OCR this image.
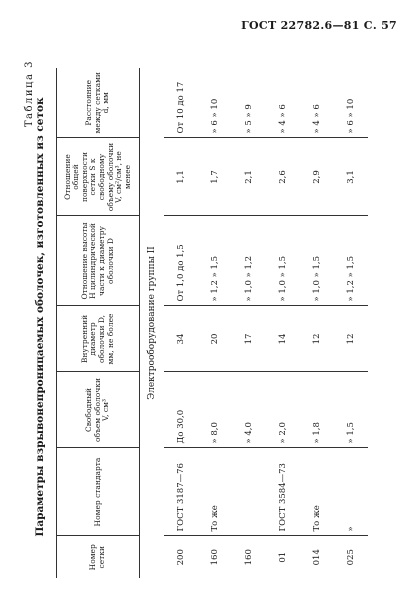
ГОСТ 22782.6—81 С. 57
Таблица 3
Параметры взрывонепроницаемых оболочек, изготовленных из сеток
Номер сетки	Номер стандарта	Свободный объем оболочки V, см³	Внутренний диаметр оболочки D, мм, не более	Отношение высоты H цилиндрической части к диаметру оболочки D	Отношение общей поверхности сетки S к свободному объему оболочки V, см²/см³, не менее	Расстояние между сетками d, мм
Электрооборудование группы II						
200	ГОСТ 3187—76	До 30,0	34	От 1,0 до 1,5	1,1	От 10 до 17
160	То же	» 8,0	20	» 1,2 » 1,5	1,7	» 6 » 10
160		» 4,0	17	» 1,0 » 1,2	2,1	» 5 » 9
01	ГОСТ 3584—73	» 2,0	14	» 1,0 » 1,5	2,6	» 4 » 6
014	То же	» 1,8	12	» 1,0 » 1,5	2,9	» 4 » 6
025	»	» 1,5	12	» 1,2 » 1,5	3,1	» 6 » 10
